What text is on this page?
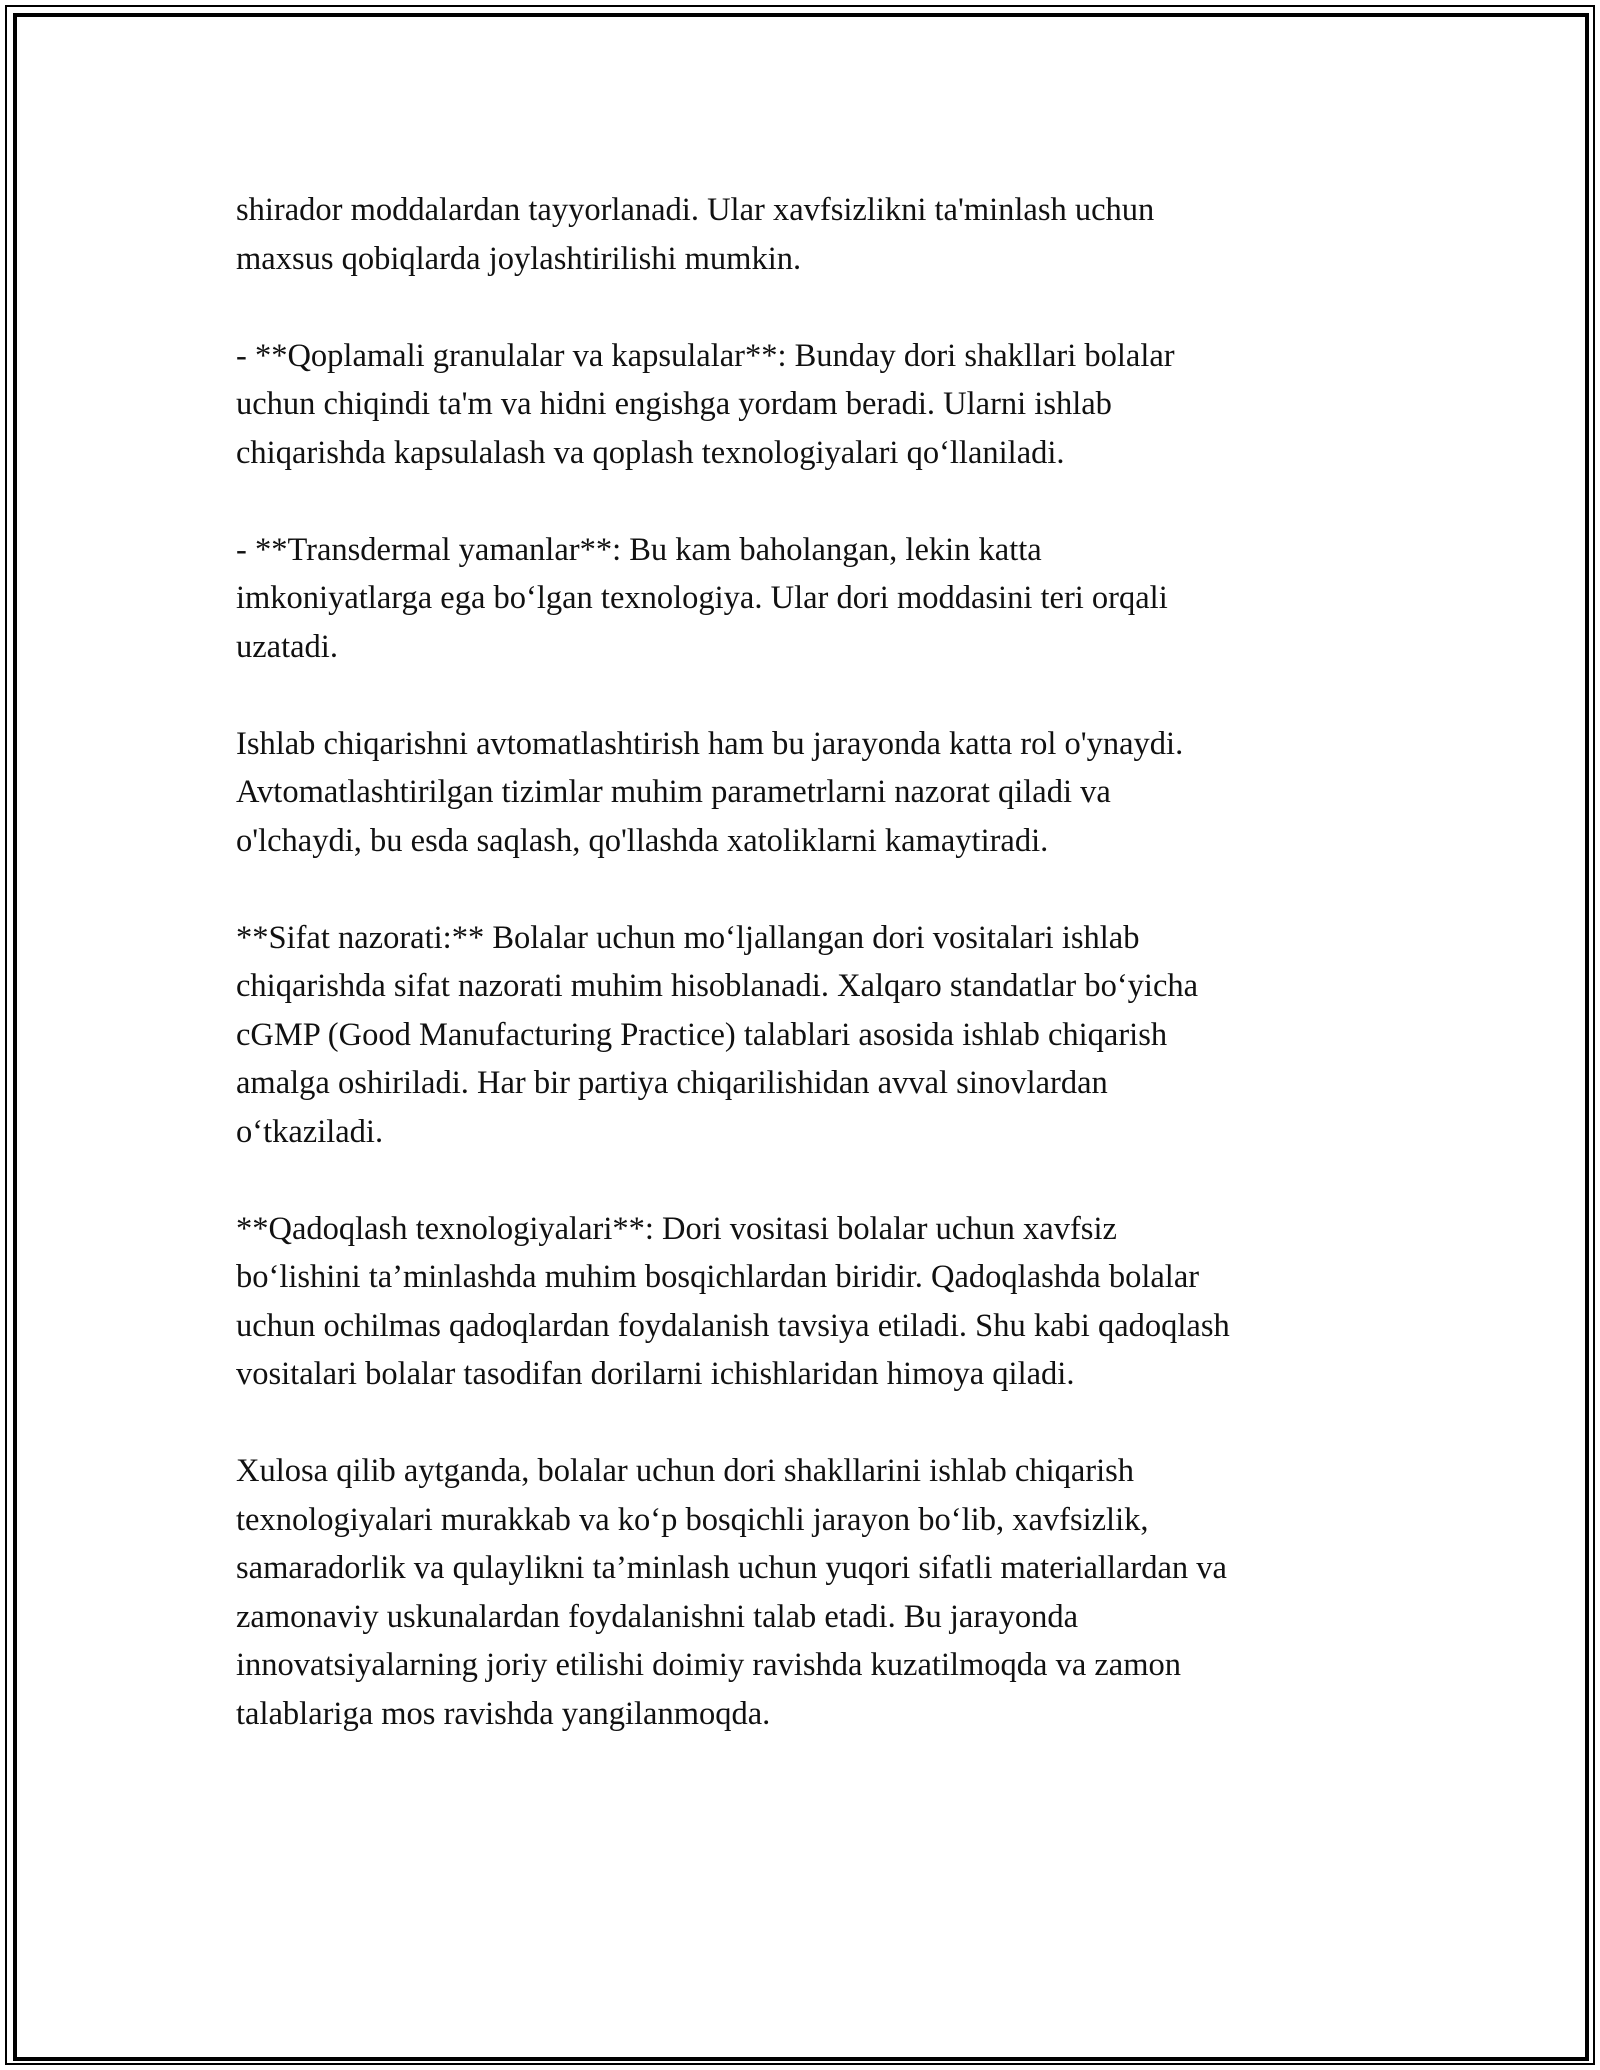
shirador moddalardan tayyorlanadi. Ular xavfsizlikni ta'minlash uchun
maxsus qobiqlarda joylashtirilishi mumkin.

- **Qoplamali granulalar va kapsulalar**: Bunday dori shakllari bolalar
uchun chiqindi ta'm va hidni engishga yordam beradi. Ularni ishlab
chiqarishda kapsulalash va qoplash texnologiyalari qo‘llaniladi.

- **Transdermal yamanlar**: Bu kam baholangan, lekin katta
imkoniyatlarga ega bo‘lgan texnologiya. Ular dori moddasini teri orqali
uzatadi.

Ishlab chiqarishni avtomatlashtirish ham bu jarayonda katta rol o'ynaydi.
Avtomatlashtirilgan tizimlar muhim parametrlarni nazorat qiladi va
o'lchaydi, bu esda saqlash, qo'llashda xatoliklarni kamaytiradi.

**Sifat nazorati:** Bolalar uchun mo‘ljallangan dori vositalari ishlab
chiqarishda sifat nazorati muhim hisoblanadi. Xalqaro standatlar bo‘yicha
cGMP (Good Manufacturing Practice) talablari asosida ishlab chiqarish
amalga oshiriladi. Har bir partiya chiqarilishidan avval sinovlardan
o‘tkaziladi.

**Qadoqlash texnologiyalari**: Dori vositasi bolalar uchun xavfsiz
bo‘lishini ta’minlashda muhim bosqichlardan biridir. Qadoqlashda bolalar
uchun ochilmas qadoqlardan foydalanish tavsiya etiladi. Shu kabi qadoqlash
vositalari bolalar tasodifan dorilarni ichishlaridan himoya qiladi.

Xulosa qilib aytganda, bolalar uchun dori shakllarini ishlab chiqarish
texnologiyalari murakkab va ko‘p bosqichli jarayon bo‘lib, xavfsizlik,
samaradorlik va qulaylikni ta’minlash uchun yuqori sifatli materiallardan va
zamonaviy uskunalardan foydalanishni talab etadi. Bu jarayonda
innovatsiyalarning joriy etilishi doimiy ravishda kuzatilmoqda va zamon
talablariga mos ravishda yangilanmoqda.
